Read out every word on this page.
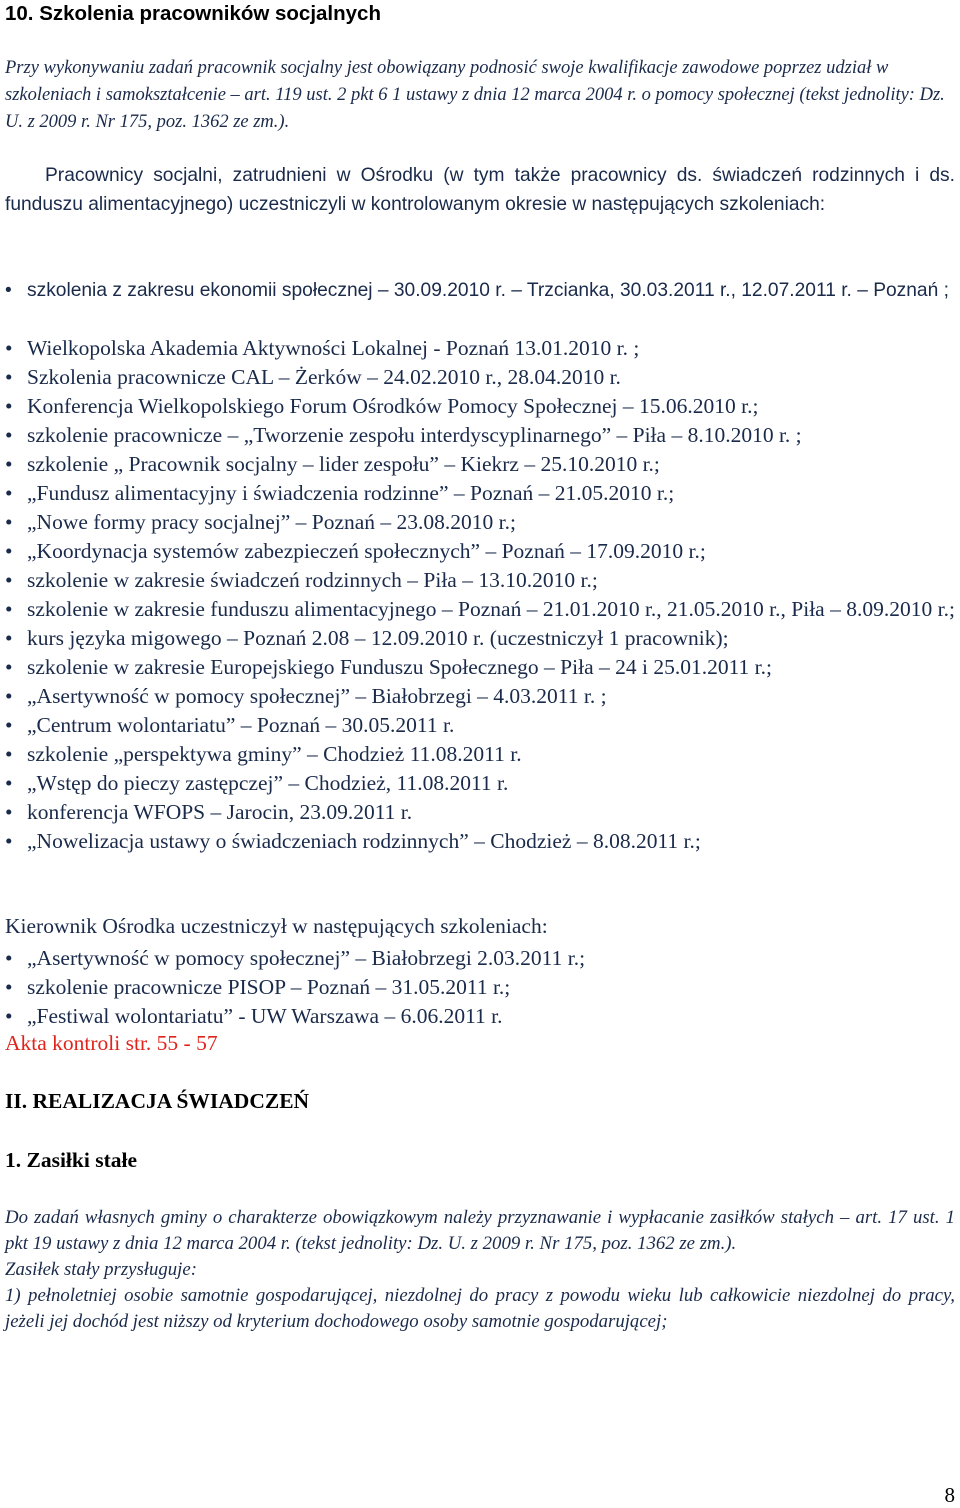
10. Szkolenia pracowników socjalnych
Przy wykonywaniu zadań pracownik socjalny jest obowiązany podnosić swoje kwalifikacje zawodowe poprzez udział w szkoleniach i samokształcenie – art. 119 ust. 2 pkt 6 1 ustawy z dnia 12 marca 2004 r. o pomocy społecznej (tekst jednolity: Dz. U. z 2009 r. Nr 175, poz. 1362 ze zm.).
Pracownicy socjalni, zatrudnieni w Ośrodku (w tym także pracownicy ds. świadczeń rodzinnych i ds. funduszu alimentacyjnego) uczestniczyli w kontrolowanym okresie w następujących szkoleniach:
• szkolenia z zakresu ekonomii społecznej – 30.09.2010 r. – Trzcianka, 30.03.2011 r., 12.07.2011 r. – Poznań ;
• Wielkopolska Akademia Aktywności Lokalnej - Poznań 13.01.2010 r. ;
• Szkolenia pracownicze CAL – Żerków – 24.02.2010 r., 28.04.2010 r.
• Konferencja Wielkopolskiego Forum Ośrodków Pomocy Społecznej – 15.06.2010 r.;
• szkolenie pracownicze – „Tworzenie zespołu interdyscyplinarnego” – Piła – 8.10.2010 r. ;
• szkolenie „ Pracownik socjalny – lider zespołu” – Kiekrz – 25.10.2010 r.;
• „Fundusz alimentacyjny i świadczenia rodzinne” – Poznań – 21.05.2010 r.;
• „Nowe formy pracy socjalnej” – Poznań – 23.08.2010 r.;
• „Koordynacja systemów zabezpieczeń społecznych” – Poznań – 17.09.2010 r.;
• szkolenie w zakresie świadczeń rodzinnych – Piła – 13.10.2010 r.;
• szkolenie w zakresie funduszu alimentacyjnego – Poznań – 21.01.2010 r., 21.05.2010 r., Piła – 8.09.2010 r.;
• kurs języka migowego – Poznań 2.08 – 12.09.2010 r. (uczestniczył 1 pracownik);
• szkolenie w zakresie Europejskiego Funduszu Społecznego – Piła – 24 i 25.01.2011 r.;
• „Asertywność w pomocy społecznej” – Białobrzegi – 4.03.2011 r. ;
• „Centrum wolontariatu” – Poznań – 30.05.2011 r.
• szkolenie „perspektywa gminy” – Chodzież 11.08.2011 r.
• „Wstęp do pieczy zastępczej” – Chodzież, 11.08.2011 r.
• konferencja WFOPS – Jarocin, 23.09.2011 r.
• „Nowelizacja ustawy o świadczeniach rodzinnych” – Chodzież – 8.08.2011 r.;
Kierownik Ośrodka uczestniczył w następujących szkoleniach:
• „Asertywność w pomocy społecznej” – Białobrzegi 2.03.2011 r.;
• szkolenie pracownicze PISOP – Poznań – 31.05.2011 r.;
• „Festiwal wolontariatu” - UW Warszawa – 6.06.2011 r.
Akta kontroli str. 55 - 57
II. REALIZACJA ŚWIADCZEŃ
1. Zasiłki stałe

Do zadań własnych gminy o charakterze obowiązkowym należy przyznawanie i wypłacanie zasiłków stałych – art. 17 ust. 1 pkt 19 ustawy z dnia 12 marca 2004 r. (tekst jednolity: Dz. U. z 2009 r. Nr 175, poz. 1362 ze zm.).

Zasiłek stały przysługuje:

1) pełnoletniej osobie samotnie gospodarującej, niezdolnej do pracy z powodu wieku lub całkowicie niezdolnej do pracy, jeżeli jej dochód jest niższy od kryterium dochodowego osoby samotnie gospodarującej;

8
